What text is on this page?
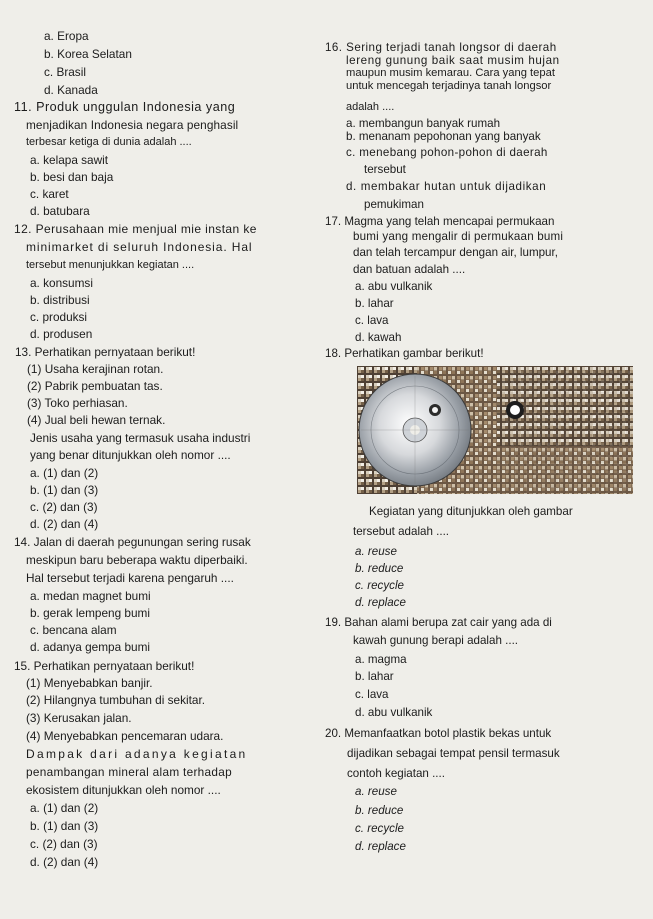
a. Eropa
b. Korea Selatan
c. Brasil
d. Kanada
11. Produk unggulan Indonesia yang
menjadikan Indonesia negara penghasil
terbesar ketiga di dunia adalah ....
a. kelapa sawit
b. besi dan baja
c. karet
d. batubara
12. Perusahaan mie menjual mie instan ke
minimarket di seluruh Indonesia. Hal
tersebut menunjukkan kegiatan ....
a. konsumsi
b. distribusi
c. produksi
d. produsen
13. Perhatikan pernyataan berikut!
(1) Usaha kerajinan rotan.
(2) Pabrik pembuatan tas.
(3) Toko perhiasan.
(4) Jual beli hewan ternak.
Jenis usaha yang termasuk usaha industri
yang benar ditunjukkan oleh nomor ....
a. (1) dan (2)
b. (1) dan (3)
c. (2) dan (3)
d. (2) dan (4)
14. Jalan di daerah pegunungan sering rusak
meskipun baru beberapa waktu diperbaiki.
Hal tersebut terjadi karena pengaruh ....
a. medan magnet bumi
b. gerak lempeng bumi
c. bencana alam
d. adanya gempa bumi
15. Perhatikan pernyataan berikut!
(1) Menyebabkan banjir.
(2) Hilangnya tumbuhan di sekitar.
(3) Kerusakan jalan.
(4) Menyebabkan pencemaran udara.
Dampak dari adanya kegiatan
penambangan mineral alam terhadap
ekosistem ditunjukkan oleh nomor ....
a. (1) dan (2)
b. (1) dan (3)
c. (2) dan (3)
d. (2) dan (4)
16. Sering terjadi tanah longsor di daerah
lereng gunung baik saat musim hujan
maupun musim kemarau. Cara yang tepat
untuk mencegah terjadinya tanah longsor
adalah ....
a. membangun banyak rumah
b. menanam pepohonan yang banyak
c. menebang pohon-pohon di daerah
tersebut
d. membakar hutan untuk dijadikan
pemukiman
17. Magma yang telah mencapai permukaan
bumi yang mengalir di permukaan bumi
dan telah tercampur dengan air, lumpur,
dan batuan adalah ....
a. abu vulkanik
b. lahar
c. lava
d. kawah
18. Perhatikan gambar berikut!
Kegiatan yang ditunjukkan oleh gambar
tersebut adalah ....
a. reuse
b. reduce
c. recycle
d. replace
19. Bahan alami berupa zat cair yang ada di
kawah gunung berapi adalah ....
a. magma
b. lahar
c. lava
d. abu vulkanik
20. Memanfaatkan botol plastik bekas untuk
dijadikan sebagai tempat pensil termasuk
contoh kegiatan ....
a. reuse
b. reduce
c. recycle
d. replace
